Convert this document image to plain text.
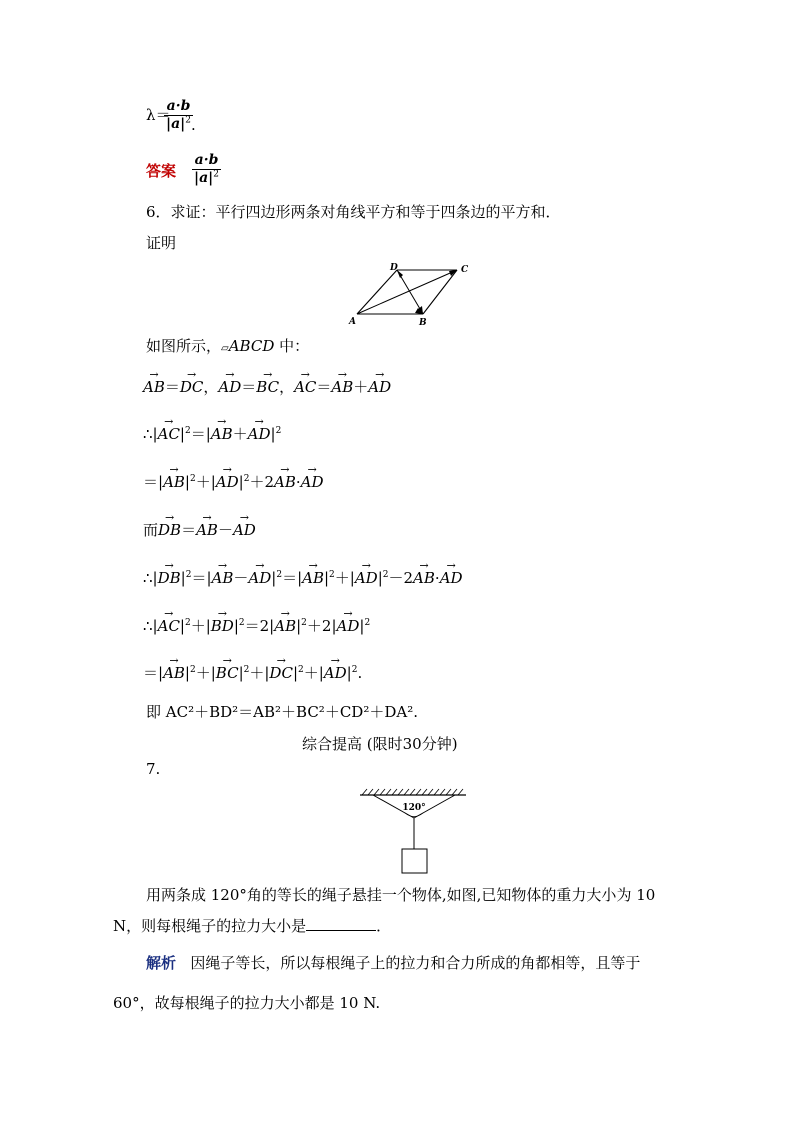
λ＝
$\frac{a\cdot b}{|a|^2}$
.
答案 $\frac{a\cdot b}{|a|^2}$
6．求证：平行四边形两条对角线平方和等于四条边的平方和．
证明
A	B
C
D
如图所示，▱ABCD 中：
→ AB＝→ DC，→ AD＝→ BC，→ AC＝→ AB＋→ AD
∴|→ $AC|^2=|\to AB+\to AD|^2$
＝|→ $AB|^2+|\to AD|^2+2\to AB\cdot\to$ AD
而→ DB＝→ AB－→ AD
∴|→ $DB|^2=|\to AB-\to AD|^2=|\to AB|^2+|\to AD|^2-2\to AB\cdot\to$ AD
∴|→ $AC|^2+|\to BD|^2=2|\to AB|^2+2|\to AD|^2$
＝|→ $AB|^2+|\to BC|^2+|\to DC|^2+|\to AD|^2$.
即 AC²＋BD²＝AB²＋BC²＋CD²＋DA².
综合提高 (限时30分钟)
7.
120°
用两条成 120°角的等长的绳子悬挂一个物体,如图,已知物体的重力大小为 10
N，则每根绳子的拉力大小是	．
解析 因绳子等长，所以每根绳子上的拉力和合力所成的角都相等，且等于
60°，故每根绳子的拉力大小都是 10 N.
